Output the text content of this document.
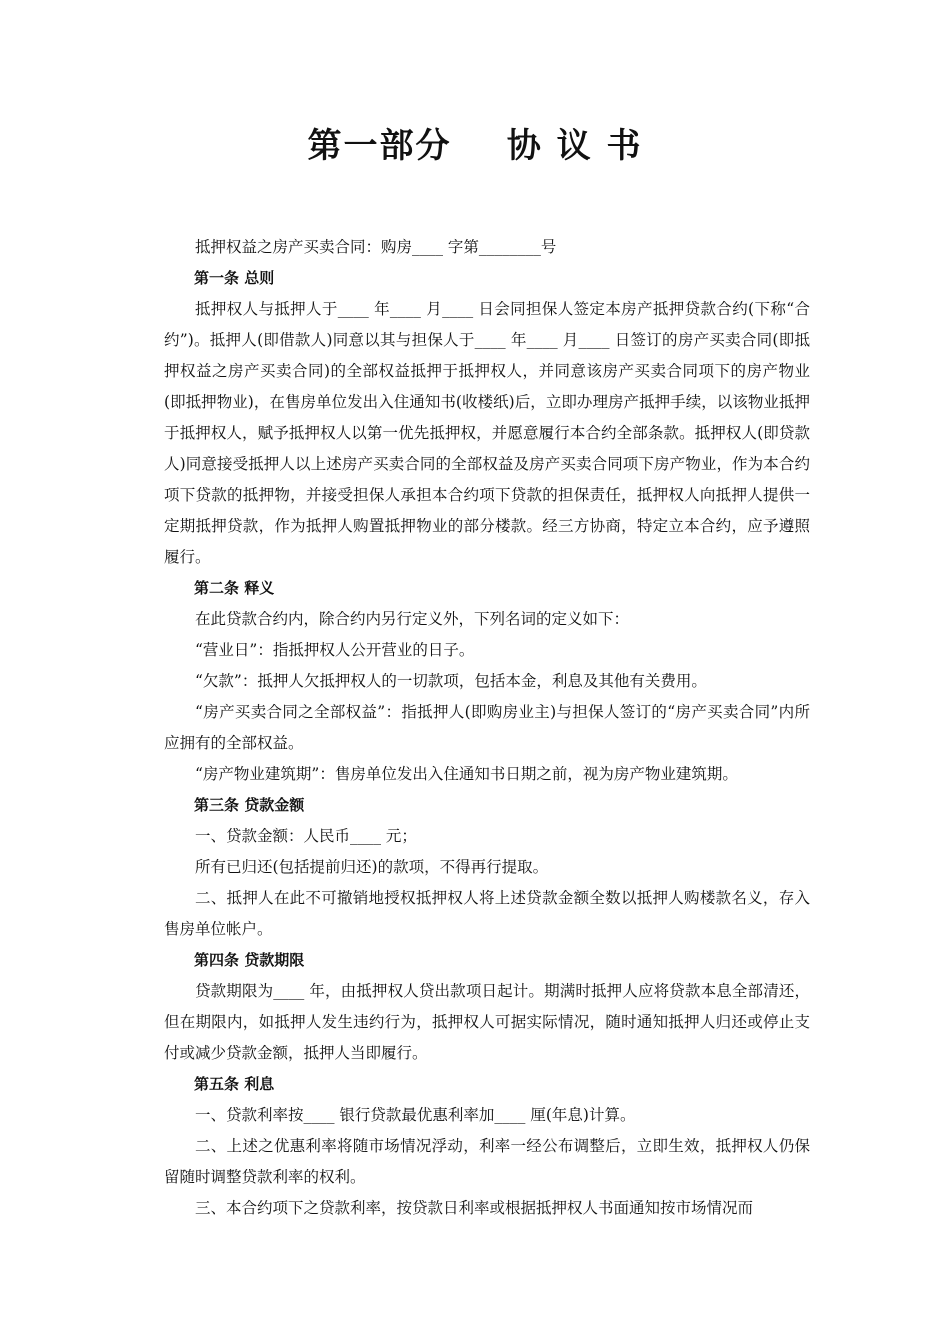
第一部分    协 议 书

抵押权益之房产买卖合同：购房____ 字第________号

第一条 总则

抵押权人与抵押人于____ 年____ 月____ 日会同担保人签定本房产抵押贷款合约(下称“合约”)。抵押人(即借款人)同意以其与担保人于____ 年____ 月____ 日签订的房产买卖合同(即抵押权益之房产买卖合同)的全部权益抵押于抵押权人，并同意该房产买卖合同项下的房产物业(即抵押物业)，在售房单位发出入住通知书(收楼纸)后，立即办理房产抵押手续，以该物业抵押于抵押权人，赋予抵押权人以第一优先抵押权，并愿意履行本合约全部条款。抵押权人(即贷款人)同意接受抵押人以上述房产买卖合同的全部权益及房产买卖合同项下房产物业，作为本合约项下贷款的抵押物，并接受担保人承担本合约项下贷款的担保责任，抵押权人向抵押人提供一定期抵押贷款，作为抵押人购置抵押物业的部分楼款。经三方协商，特定立本合约，应予遵照履行。

第二条 释义

在此贷款合约内，除合约内另行定义外，下列名词的定义如下：

“营业日”：指抵押权人公开营业的日子。

“欠款”：抵押人欠抵押权人的一切款项，包括本金，利息及其他有关费用。

“房产买卖合同之全部权益”：指抵押人(即购房业主)与担保人签订的“房产买卖合同”内所应拥有的全部权益。

“房产物业建筑期”：售房单位发出入住通知书日期之前，视为房产物业建筑期。

第三条 贷款金额

一、贷款金额：人民币____ 元；

所有已归还(包括提前归还)的款项，不得再行提取。

二、抵押人在此不可撤销地授权抵押权人将上述贷款金额全数以抵押人购楼款名义，存入售房单位帐户。

第四条 贷款期限

贷款期限为____ 年，由抵押权人贷出款项日起计。期满时抵押人应将贷款本息全部清还，但在期限内，如抵押人发生违约行为，抵押权人可据实际情况，随时通知抵押人归还或停止支付或减少贷款金额，抵押人当即履行。

第五条 利息

一、贷款利率按____ 银行贷款最优惠利率加____ 厘(年息)计算。

二、上述之优惠利率将随市场情况浮动，利率一经公布调整后，立即生效，抵押权人仍保留随时调整贷款利率的权利。

三、本合约项下之贷款利率，按贷款日利率或根据抵押权人书面通知按市场情况而
